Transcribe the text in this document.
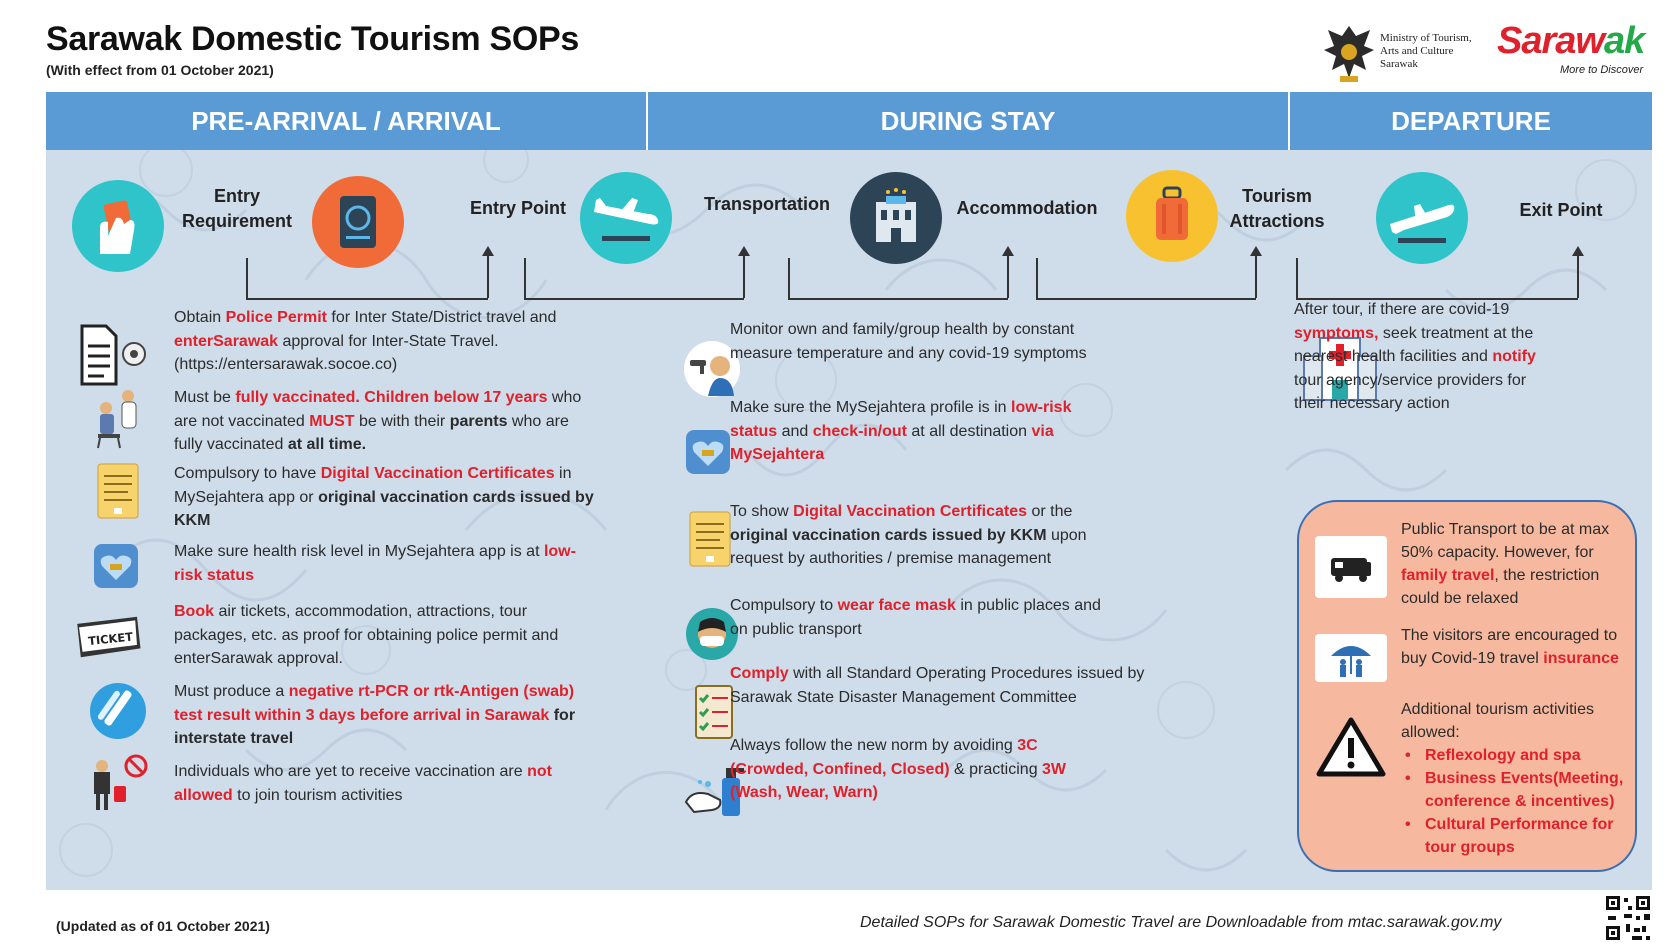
Sarawak Domestic Tourism SOPs
(With effect from 01 October 2021)
Ministry of Tourism, Arts and Culture Sarawak
Sarawak
More to Discover
PRE-ARRIVAL / ARRIVAL	DURING STAY	DEPARTURE
Entry Requirement
Entry Point	Transportation	Accommodation
Tourism Attractions
Exit Point
TICKET
Obtain Police Permit for Inter State/District travel and enterSarawak approval for Inter-State Travel. (https://entersarawak.socoe.co)
Must be fully vaccinated. Children below 17 years who are not vaccinated MUST be with their parents who are fully vaccinated at all time.
Compulsory to have Digital Vaccination Certificates in MySejahtera app or original vaccination cards issued by KKM
Make sure health risk level in MySejahtera app is at low-risk status
Book air tickets, accommodation, attractions, tour packages, etc. as proof for obtaining police permit and enterSarawak approval.
Must produce a negative rt-PCR or rtk-Antigen (swab) test result within 3 days before arrival in Sarawak for interstate travel
Individuals who are yet to receive vaccination are not allowed to join tourism activities
Monitor own and family/group health by constant measure temperature and any covid-19 symptoms
Make sure the MySejahtera profile is in low-risk status and check-in/out at all destination via MySejahtera
To show Digital Vaccination Certificates or the original vaccination cards issued by KKM upon request by authorities / premise management
Compulsory to wear face mask in public places and on public transport
Comply with all Standard Operating Procedures issued by Sarawak State Disaster Management Committee
Always follow the new norm by avoiding 3C (Crowded, Confined, Closed) & practicing 3W (Wash, Wear, Warn)
After tour, if there are covid-19 symptoms, seek treatment at the nearest health facilities and notify tour agency/service providers for their necessary action
Public Transport to be at max 50% capacity. However, for family travel, the restriction could be relaxed
The visitors are encouraged to buy Covid-19 travel insurance
Additional tourism activities allowed:
• Reflexology and spa
• Business Events(Meeting, conference & incentives)
• Cultural Performance for tour groups
(Updated as of 01 October 2021)	Detailed SOPs for Sarawak Domestic Travel are Downloadable from mtac.sarawak.gov.my
